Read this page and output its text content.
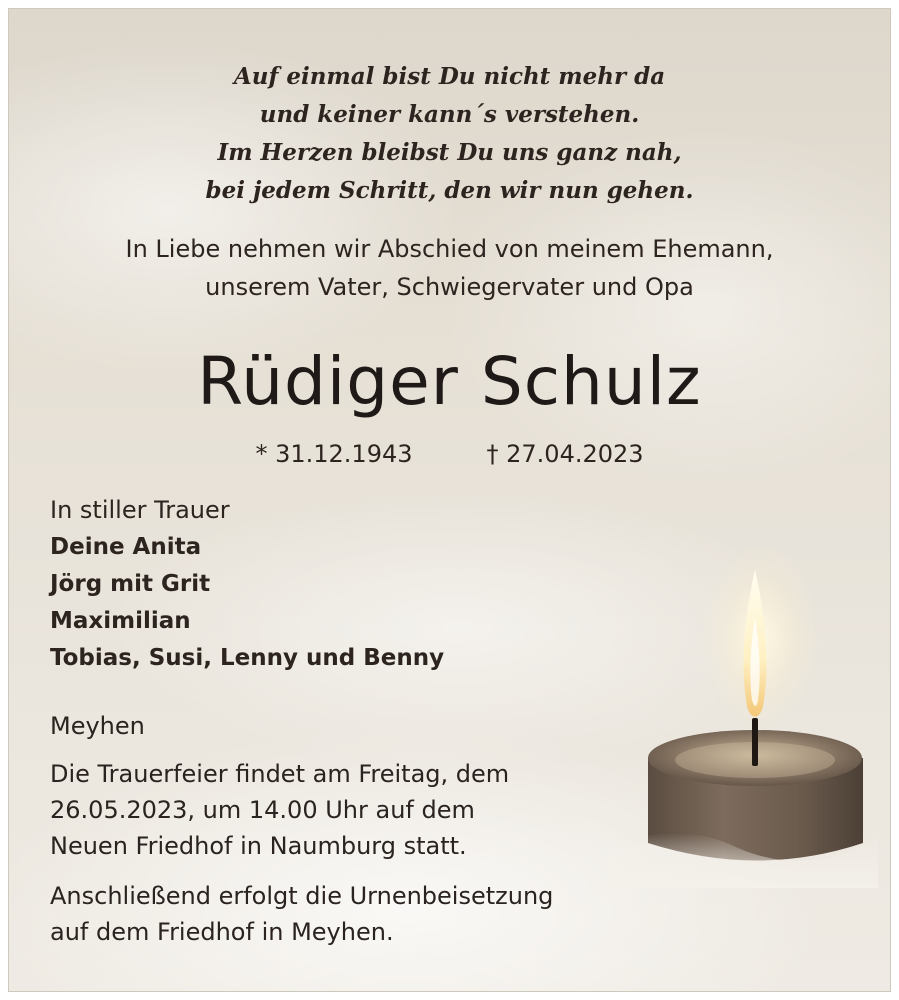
Auf einmal bist Du nicht mehr da
und keiner kann´s verstehen.
Im Herzen bleibst Du uns ganz nah,
bei jedem Schritt, den wir nun gehen.
In Liebe nehmen wir Abschied von meinem Ehemann,
unserem Vater, Schwiegervater und Opa
Rüdiger Schulz
* 31.12.1943	† 27.04.2023
In stiller Trauer
Deine Anita
Jörg mit Grit
Maximilian
Tobias, Susi, Lenny und Benny
Meyhen
Die Trauerfeier findet am Freitag, dem
26.05.2023, um 14.00 Uhr auf dem
Neuen Friedhof in Naumburg statt.
Anschließend erfolgt die Urnenbeisetzung
auf dem Friedhof in Meyhen.
